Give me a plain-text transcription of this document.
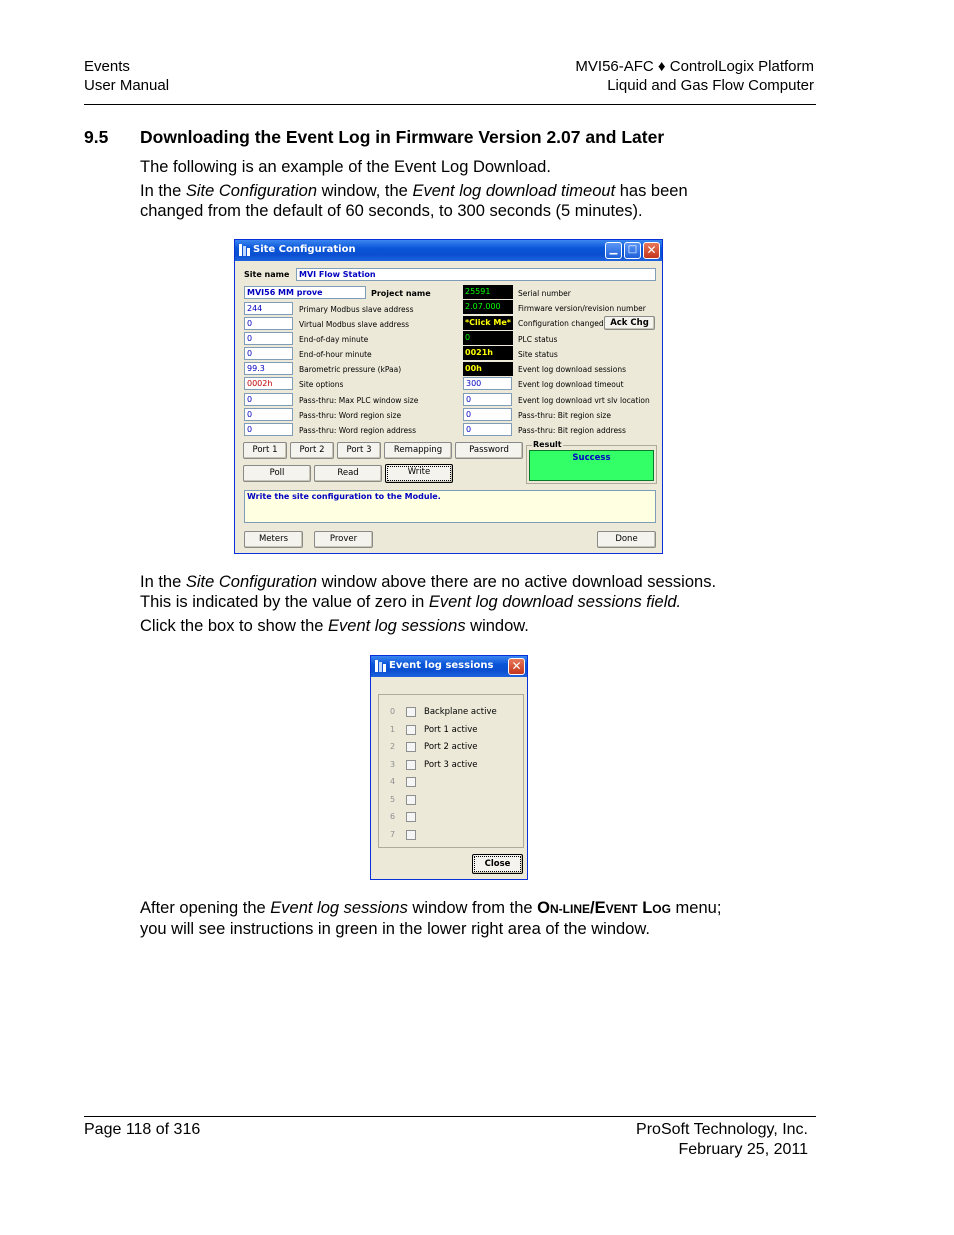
Events
User Manual
MVI56-AFC ♦ ControlLogix Platform
Liquid and Gas Flow Computer
9.5 Downloading the Event Log in Firmware Version 2.07 and Later
The following is an example of the Event Log Download.
In the Site Configuration window, the Event log download timeout has been
changed from the default of 60 seconds, to 300 seconds (5 minutes).
Site Configuration	▁	□ ✕
Site name	MVI Flow Station
MVI56 MM prove	Project name
244	Primary Modbus slave address
0	Virtual Modbus slave address
0	End-of-day minute
0	End-of-hour minute
99.3	Barometric pressure (kPaa)
0002h	Site options
0	Pass-thru: Max PLC window size
0	Pass-thru: Word region size
0	Pass-thru: Word region address
25591	Serial number
2.07.000	Firmware version/revision number
*Click Me* Configuration changed Ack Chg
0	PLC status
0021h	Site status
00h	Event log download sessions
300	Event log download timeout
0	Event log download vrt slv location
0	Pass-thru: Bit region size
0	Pass-thru: Bit region address
Port 1	Port 2	Port 3	Remapping	Password
Poll	Read	Write
Result
Success
Write the site configuration to the Module.
Meters	Prover	Done
In the Site Configuration window above there are no active download sessions.
This is indicated by the value of zero in Event log download sessions field.
Click the box to show the Event log sessions window.
Event log sessions ✕
0	Backplane active
1	Port 1 active
2	Port 2 active
3	Port 3 active
4
5
6
7
Close
After opening the Event log sessions window from the ON-LINE/EVENT LOG menu;
you will see instructions in green in the lower right area of the window.
Page 118 of 316	ProSoft Technology, Inc.
February 25, 2011
